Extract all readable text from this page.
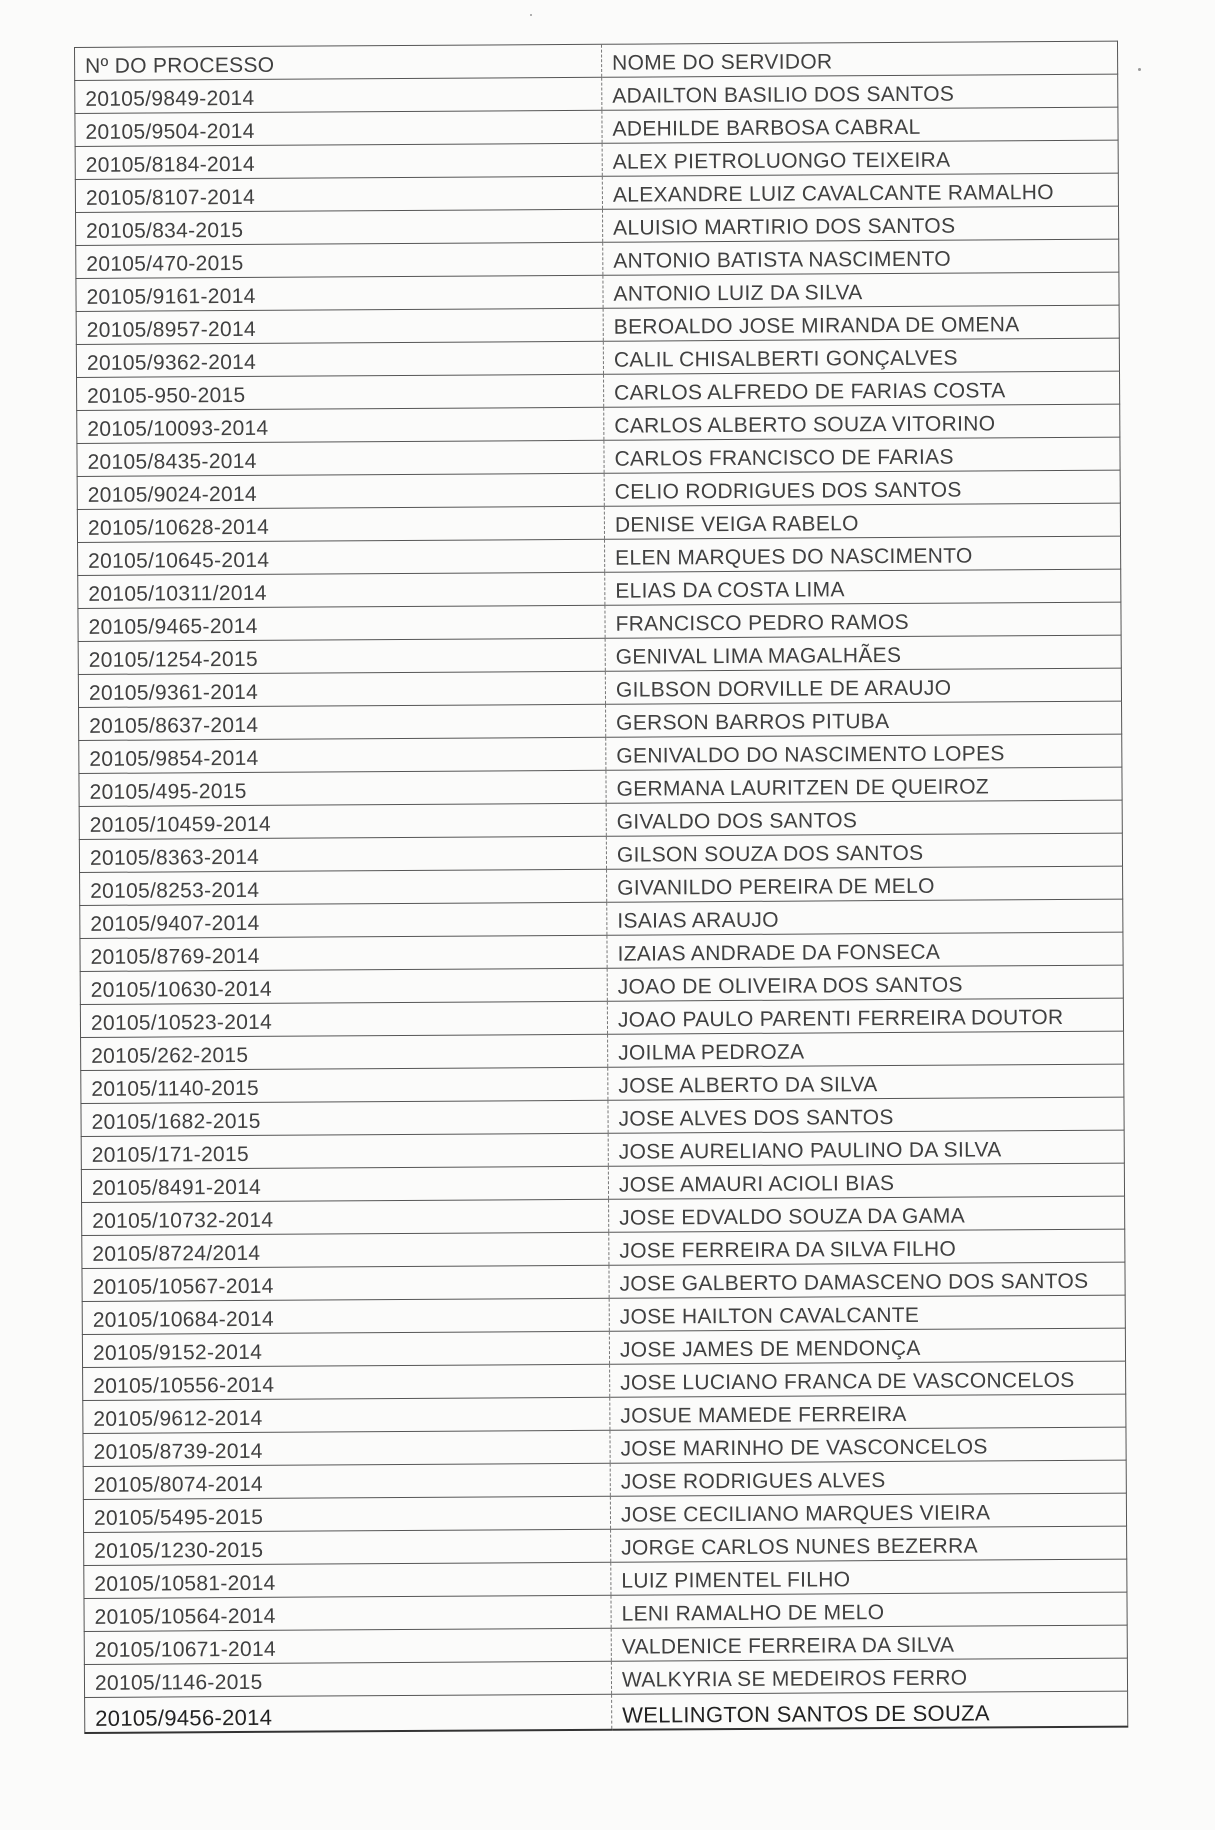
Nº DO PROCESSO	NOME DO SERVIDOR
20105/9849-2014	ADAILTON BASILIO DOS SANTOS
20105/9504-2014	ADEHILDE BARBOSA CABRAL
20105/8184-2014	ALEX PIETROLUONGO TEIXEIRA
20105/8107-2014	ALEXANDRE LUIZ CAVALCANTE RAMALHO
20105/834-2015	ALUISIO MARTIRIO DOS SANTOS
20105/470-2015	ANTONIO BATISTA NASCIMENTO
20105/9161-2014	ANTONIO LUIZ DA SILVA
20105/8957-2014	BEROALDO JOSE MIRANDA DE OMENA
20105/9362-2014	CALIL CHISALBERTI GONÇALVES
20105-950-2015	CARLOS ALFREDO DE FARIAS COSTA
20105/10093-2014	CARLOS ALBERTO SOUZA VITORINO
20105/8435-2014	CARLOS FRANCISCO DE FARIAS
20105/9024-2014	CELIO RODRIGUES DOS SANTOS
20105/10628-2014	DENISE VEIGA RABELO
20105/10645-2014	ELEN MARQUES DO NASCIMENTO
20105/10311/2014	ELIAS DA COSTA LIMA
20105/9465-2014	FRANCISCO PEDRO RAMOS
20105/1254-2015	GENIVAL LIMA MAGALHÃES
20105/9361-2014	GILBSON DORVILLE DE ARAUJO
20105/8637-2014	GERSON BARROS PITUBA
20105/9854-2014	GENIVALDO DO NASCIMENTO LOPES
20105/495-2015	GERMANA LAURITZEN DE QUEIROZ
20105/10459-2014	GIVALDO DOS SANTOS
20105/8363-2014	GILSON SOUZA DOS SANTOS
20105/8253-2014	GIVANILDO PEREIRA DE MELO
20105/9407-2014	ISAIAS ARAUJO
20105/8769-2014	IZAIAS ANDRADE DA FONSECA
20105/10630-2014	JOAO DE OLIVEIRA DOS SANTOS
20105/10523-2014	JOAO PAULO PARENTI FERREIRA DOUTOR
20105/262-2015	JOILMA PEDROZA
20105/1140-2015	JOSE ALBERTO DA SILVA
20105/1682-2015	JOSE ALVES DOS SANTOS
20105/171-2015	JOSE AURELIANO PAULINO DA SILVA
20105/8491-2014	JOSE AMAURI ACIOLI BIAS
20105/10732-2014	JOSE EDVALDO SOUZA DA GAMA
20105/8724/2014	JOSE FERREIRA DA SILVA FILHO
20105/10567-2014	JOSE GALBERTO DAMASCENO DOS SANTOS
20105/10684-2014	JOSE HAILTON CAVALCANTE
20105/9152-2014	JOSE JAMES DE MENDONÇA
20105/10556-2014	JOSE LUCIANO FRANCA DE VASCONCELOS
20105/9612-2014	JOSUE MAMEDE FERREIRA
20105/8739-2014	JOSE MARINHO DE VASCONCELOS
20105/8074-2014	JOSE RODRIGUES ALVES
20105/5495-2015	JOSE CECILIANO MARQUES VIEIRA
20105/1230-2015	JORGE CARLOS NUNES BEZERRA
20105/10581-2014	LUIZ PIMENTEL FILHO
20105/10564-2014	LENI RAMALHO DE MELO
20105/10671-2014	VALDENICE FERREIRA DA SILVA
20105/1146-2015	WALKYRIA SE MEDEIROS FERRO
20105/9456-2014	WELLINGTON SANTOS DE SOUZA
